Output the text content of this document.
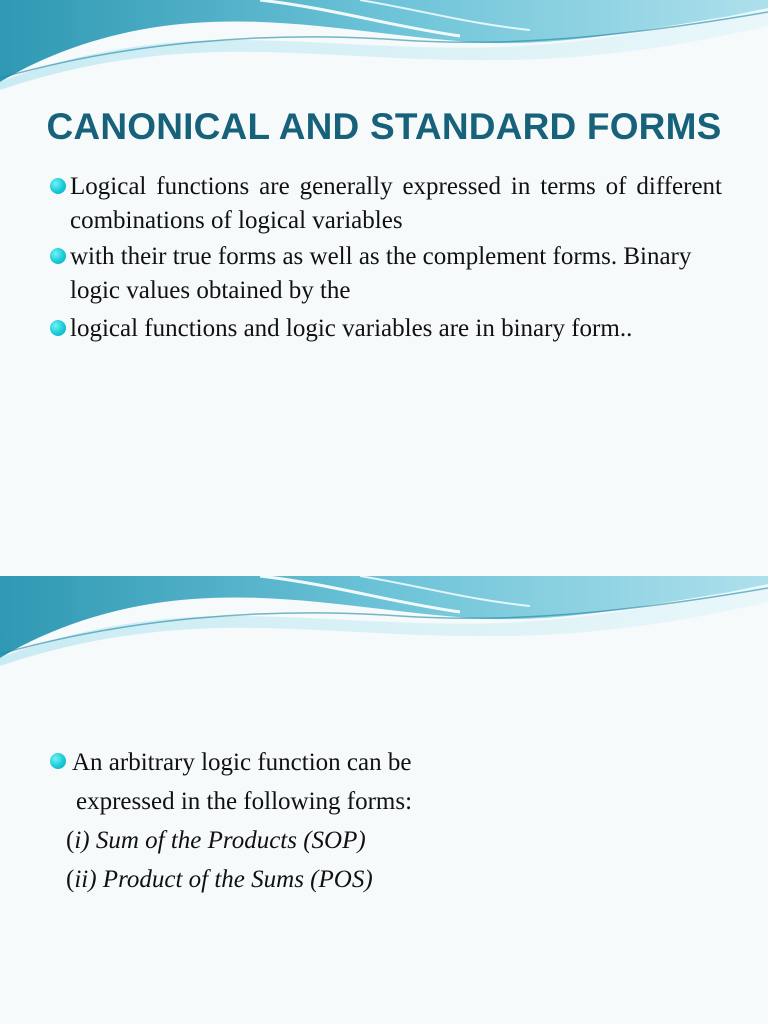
CANONICAL AND STANDARD FORMS
Logical functions are generally expressed in terms of different combinations of logical variables
with their true forms as well as the complement forms. Binary logic values obtained by the
logical functions and logic variables are in binary form..
An arbitrary logic function can be
expressed in the following forms:
(i) Sum of the Products (SOP)
(ii) Product of the Sums (POS)
